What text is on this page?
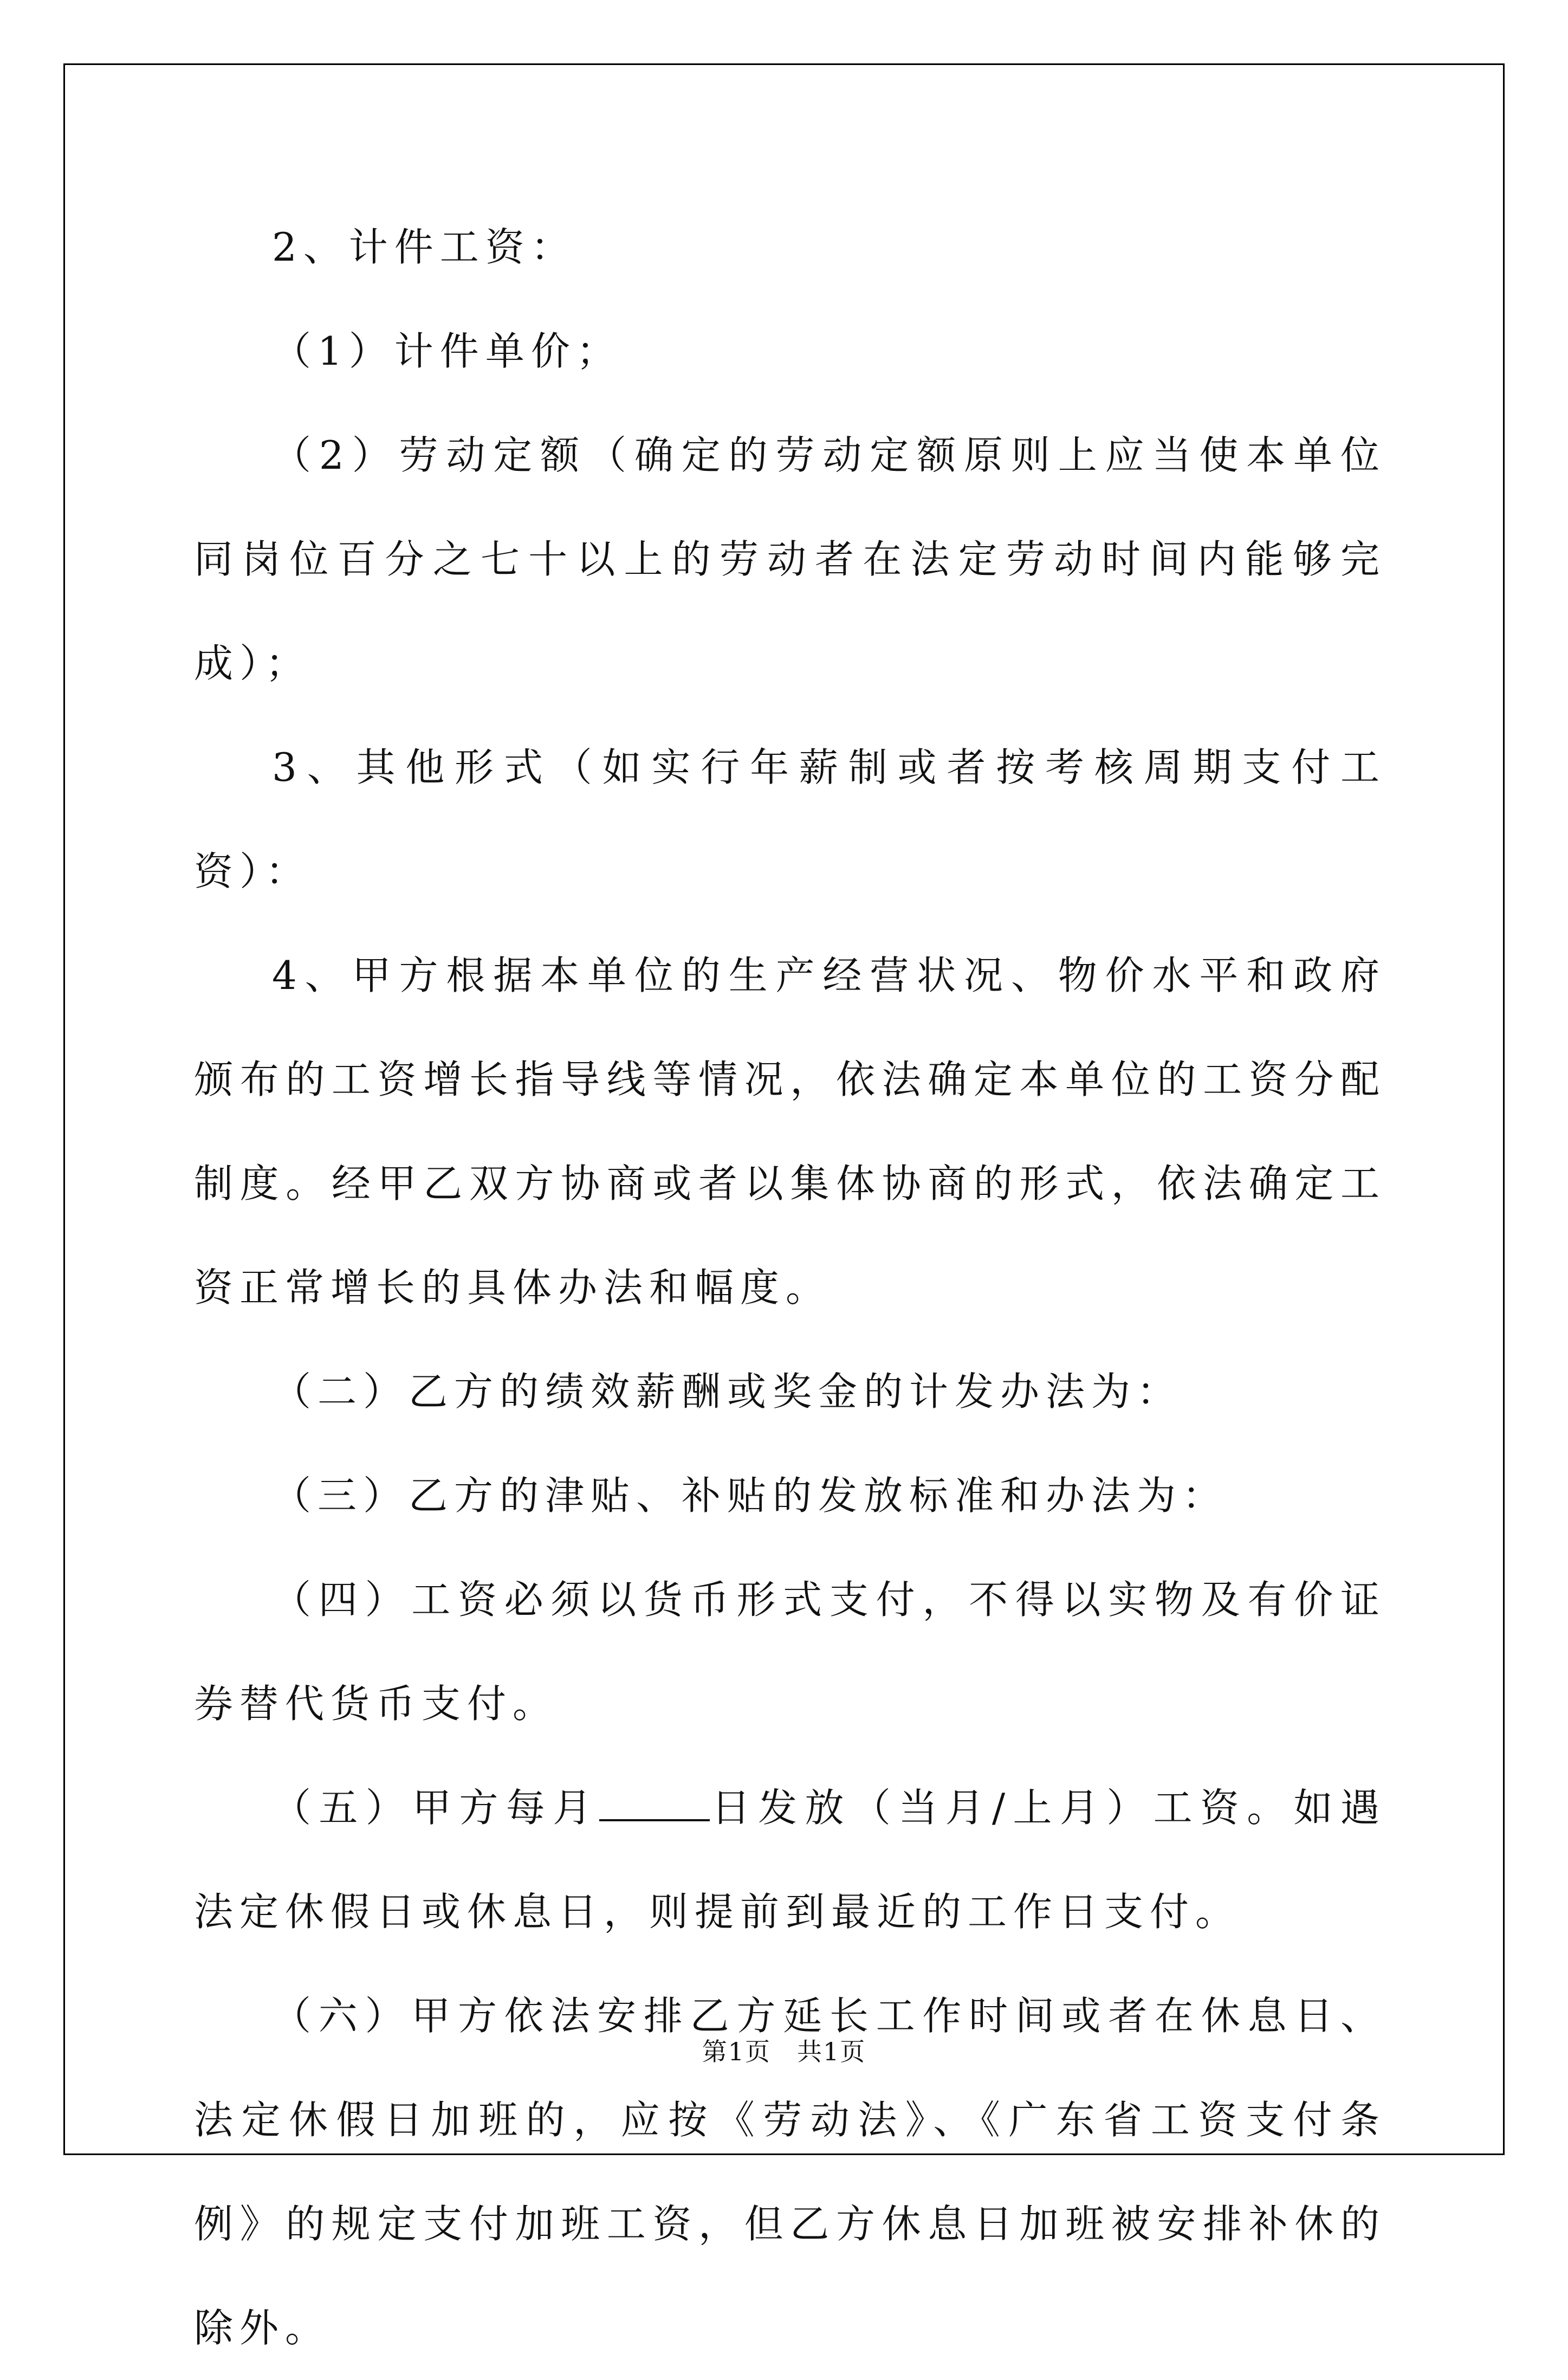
2、计件工资：

（1）计件单价；

（2）劳动定额（确定的劳动定额原则上应当使本单位同岗位百分之七十以上的劳动者在法定劳动时间内能够完成）；

3、其他形式（如实行年薪制或者按考核周期支付工资）：

4、甲方根据本单位的生产经营状况、物价水平和政府颁布的工资增长指导线等情况，依法确定本单位的工资分配制度。经甲乙双方协商或者以集体协商的形式，依法确定工资正常增长的具体办法和幅度。

（二）乙方的绩效薪酬或奖金的计发办法为：

（三）乙方的津贴、补贴的发放标准和办法为：

（四）工资必须以货币形式支付，不得以实物及有价证券替代货币支付。

（五）甲方每月	日发放（当月/上月）工资。如遇法定休假日或休息日，则提前到最近的工作日支付。

（六）甲方依法安排乙方延长工作时间或者在休息日、法定休假日加班的，应按《劳动法》、《广东省工资支付条例》的规定支付加班工资，但乙方休息日加班被安排补休的除外。

第1页　共1页
